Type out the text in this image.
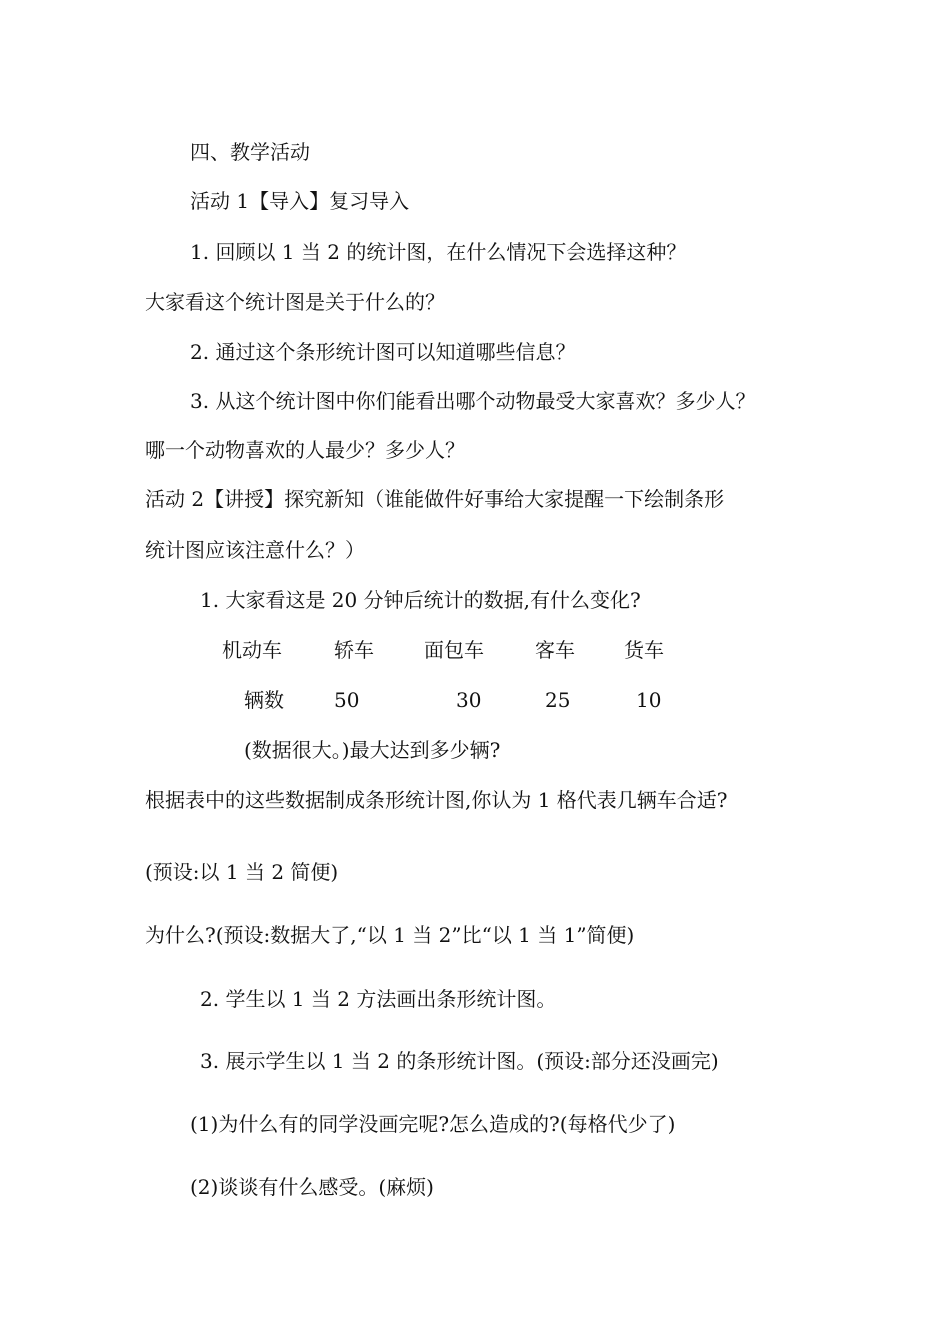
四、教学活动
活动 1【导入】复习导入
1. 回顾以 1 当 2 的统计图，在什么情况下会选择这种？
大家看这个统计图是关于什么的？
2. 通过这个条形统计图可以知道哪些信息？
3. 从这个统计图中你们能看出哪个动物最受大家喜欢？多少人？
哪一个动物喜欢的人最少？多少人？
活动 2【讲授】探究新知（谁能做件好事给大家提醒一下绘制条形
统计图应该注意什么？）
1. 大家看这是 20 分钟后统计的数据,有什么变化?
机动车	轿车	面包车	客车 货车
辆数	50	30	25	10
(数据很大。)最大达到多少辆?
根据表中的这些数据制成条形统计图,你认为 1 格代表几辆车合适?
(预设:以 1 当 2 简便)
为什么?(预设:数据大了,“以 1 当 2”比“以 1 当 1”简便)
2. 学生以 1 当 2 方法画出条形统计图。
3. 展示学生以 1 当 2 的条形统计图。(预设:部分还没画完)
(1)为什么有的同学没画完呢?怎么造成的?(每格代少了)
(2)谈谈有什么感受。(麻烦)
